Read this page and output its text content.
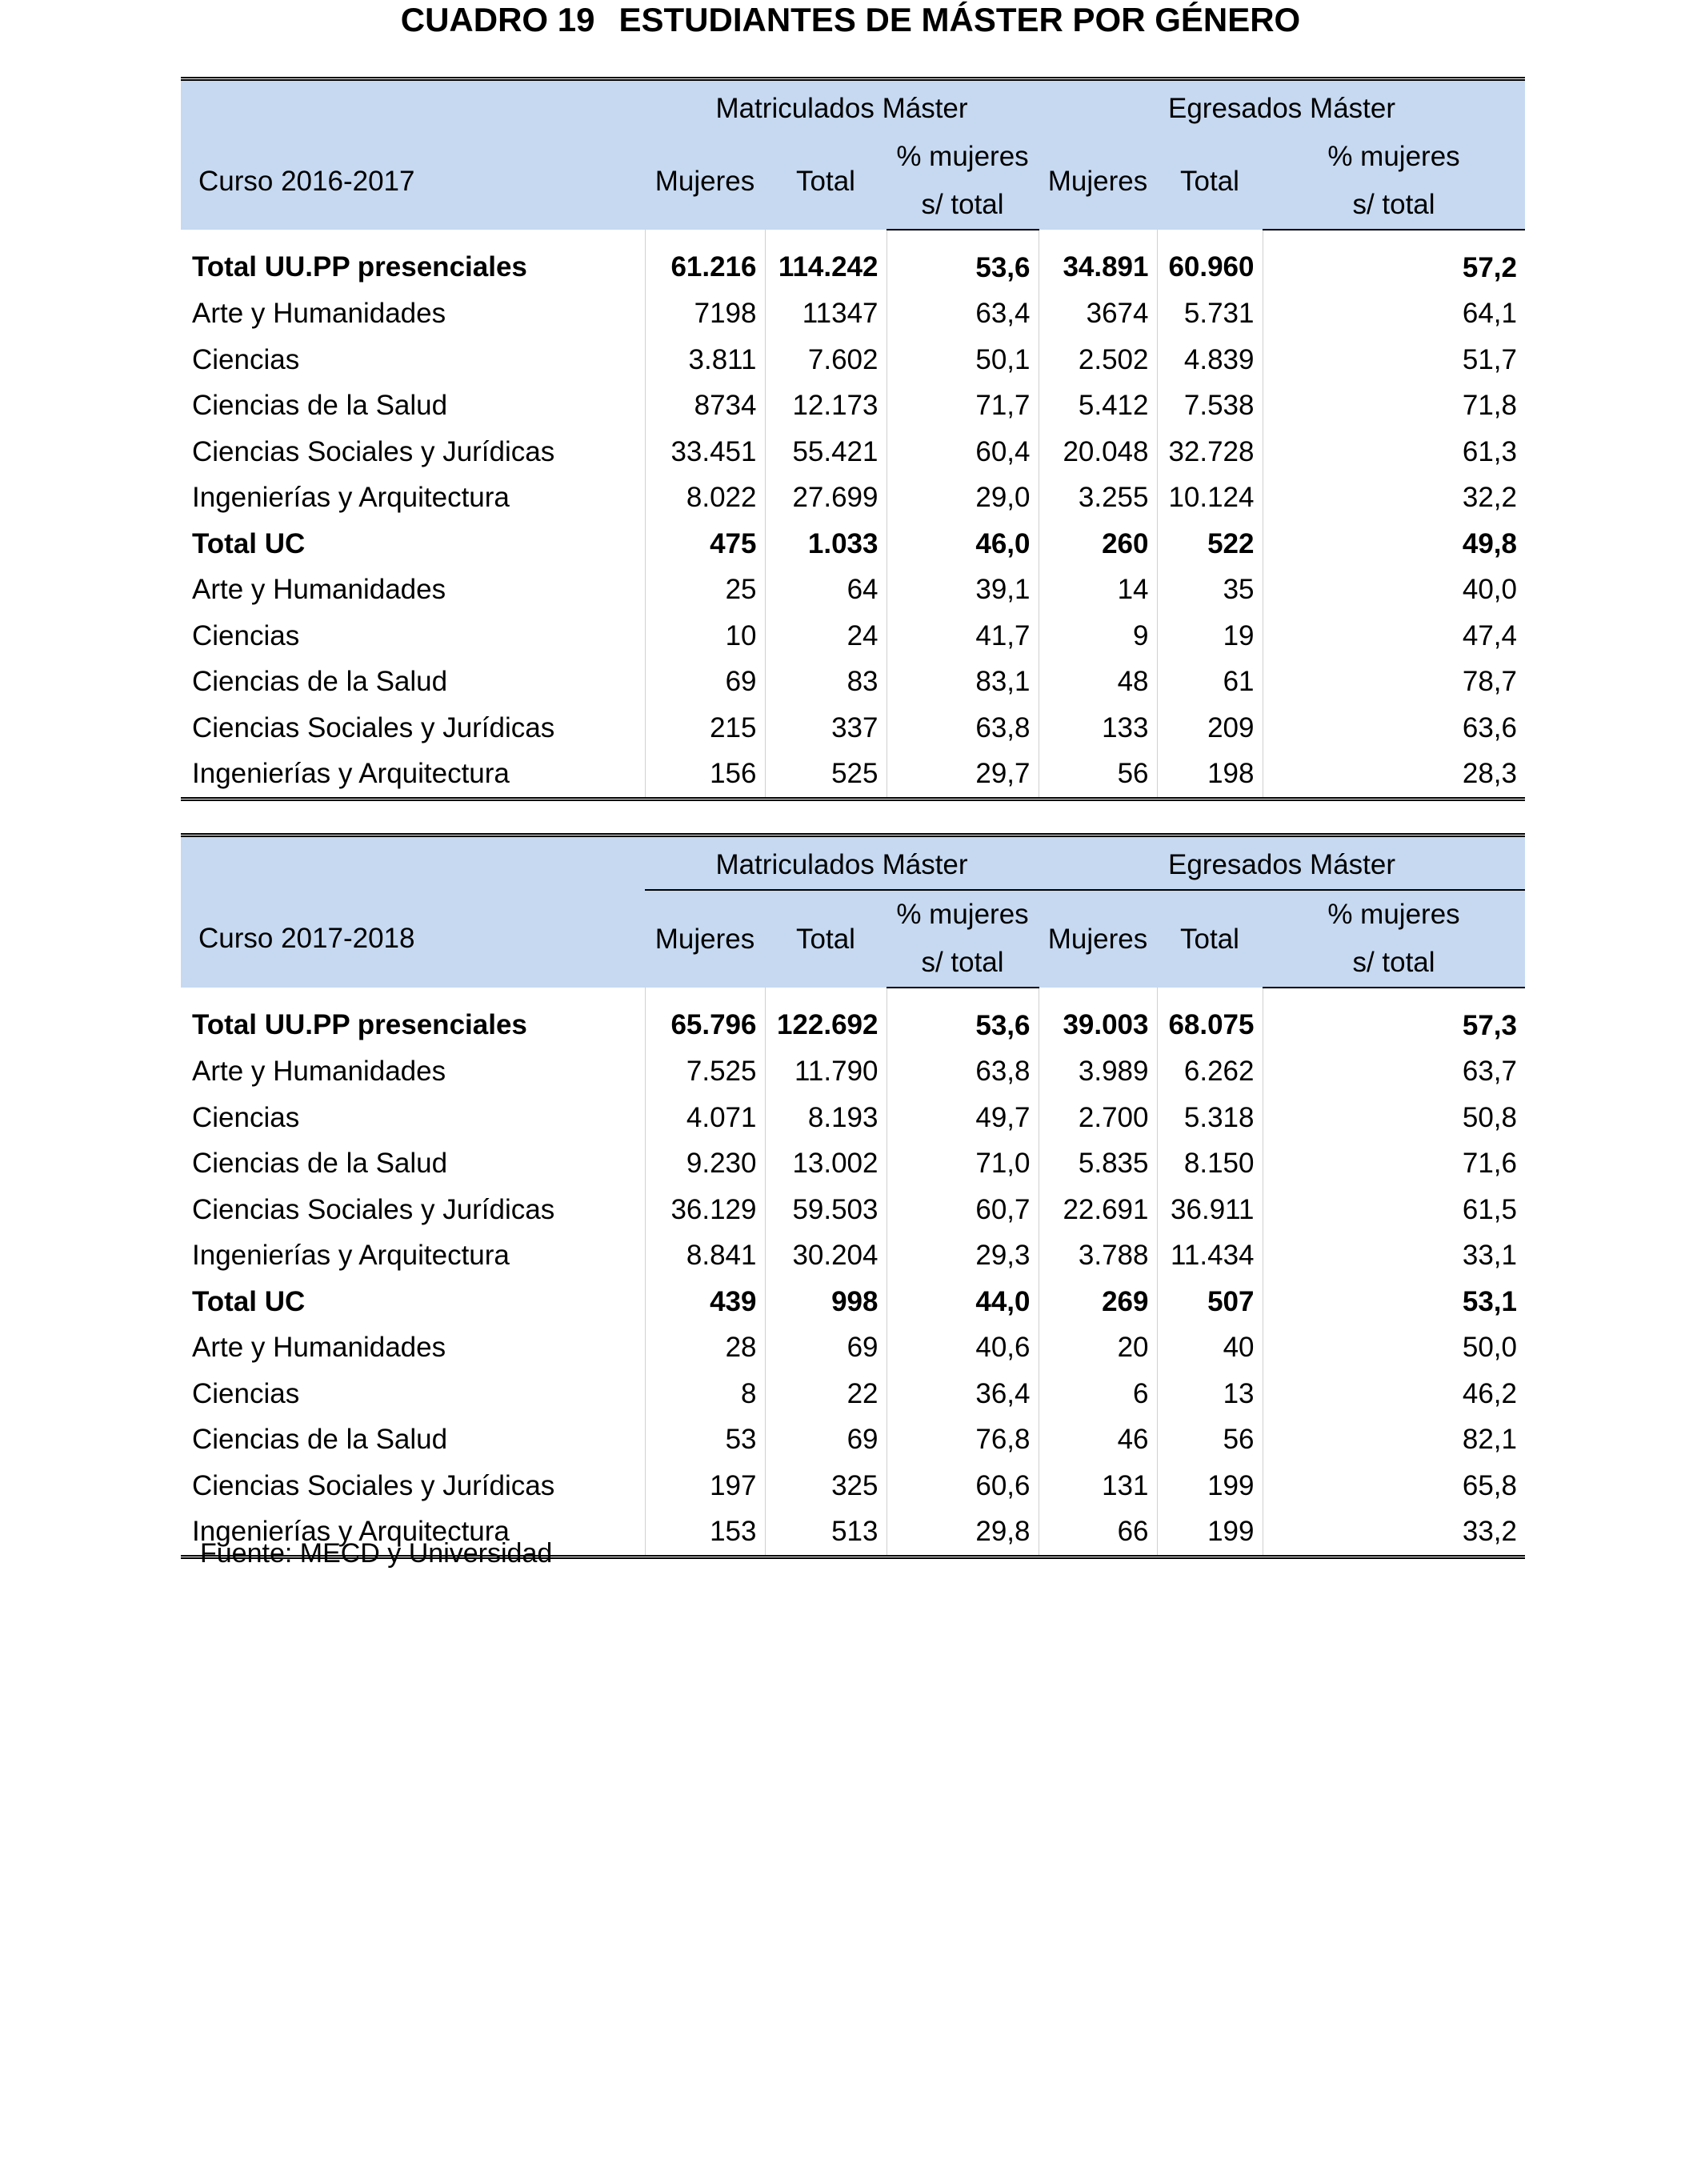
CUADRO 19 ESTUDIANTES DE MÁSTER POR GÉNERO
	Matriculados Máster			Egresados Máster		
Curso 2016-2017	Mujeres	Total	% mujeres	Mujeres	Total	% mujeres
			s/ total			s/ total
Total UU.PP presenciales	61.216	114.242	53,6	34.891	60.960	57,2
Arte y Humanidades	7198	11347	63,4	3674	5.731	64,1
Ciencias	3.811	7.602	50,1	2.502	4.839	51,7
Ciencias de la Salud	8734	12.173	71,7	5.412	7.538	71,8
Ciencias Sociales y Jurídicas	33.451	55.421	60,4	20.048	32.728	61,3
Ingenierías y Arquitectura	8.022	27.699	29,0	3.255	10.124	32,2
Total UC	475	1.033	46,0	260	522	49,8
Arte y Humanidades	25	64	39,1	14	35	40,0
Ciencias	10	24	41,7	9	19	47,4
Ciencias de la Salud	69	83	83,1	48	61	78,7
Ciencias Sociales y Jurídicas	215	337	63,8	133	209	63,6
Ingenierías y Arquitectura	156	525	29,7	56	198	28,3
	Matriculados Máster			Egresados Máster		
Curso 2017-2018	Mujeres	Total	% mujeres	Mujeres	Total	% mujeres
			s/ total			s/ total
Total UU.PP presenciales	65.796	122.692	53,6	39.003	68.075	57,3
Arte y Humanidades	7.525	11.790	63,8	3.989	6.262	63,7
Ciencias	4.071	8.193	49,7	2.700	5.318	50,8
Ciencias de la Salud	9.230	13.002	71,0	5.835	8.150	71,6
Ciencias Sociales y Jurídicas	36.129	59.503	60,7	22.691	36.911	61,5
Ingenierías y Arquitectura	8.841	30.204	29,3	3.788	11.434	33,1
Total UC	439	998	44,0	269	507	53,1
Arte y Humanidades	28	69	40,6	20	40	50,0
Ciencias	8	22	36,4	6	13	46,2
Ciencias de la Salud	53	69	76,8	46	56	82,1
Ciencias Sociales y Jurídicas	197	325	60,6	131	199	65,8
Ingenierías y Arquitectura	153	513	29,8	66	199	33,2
Fuente: MECD y Universidad
